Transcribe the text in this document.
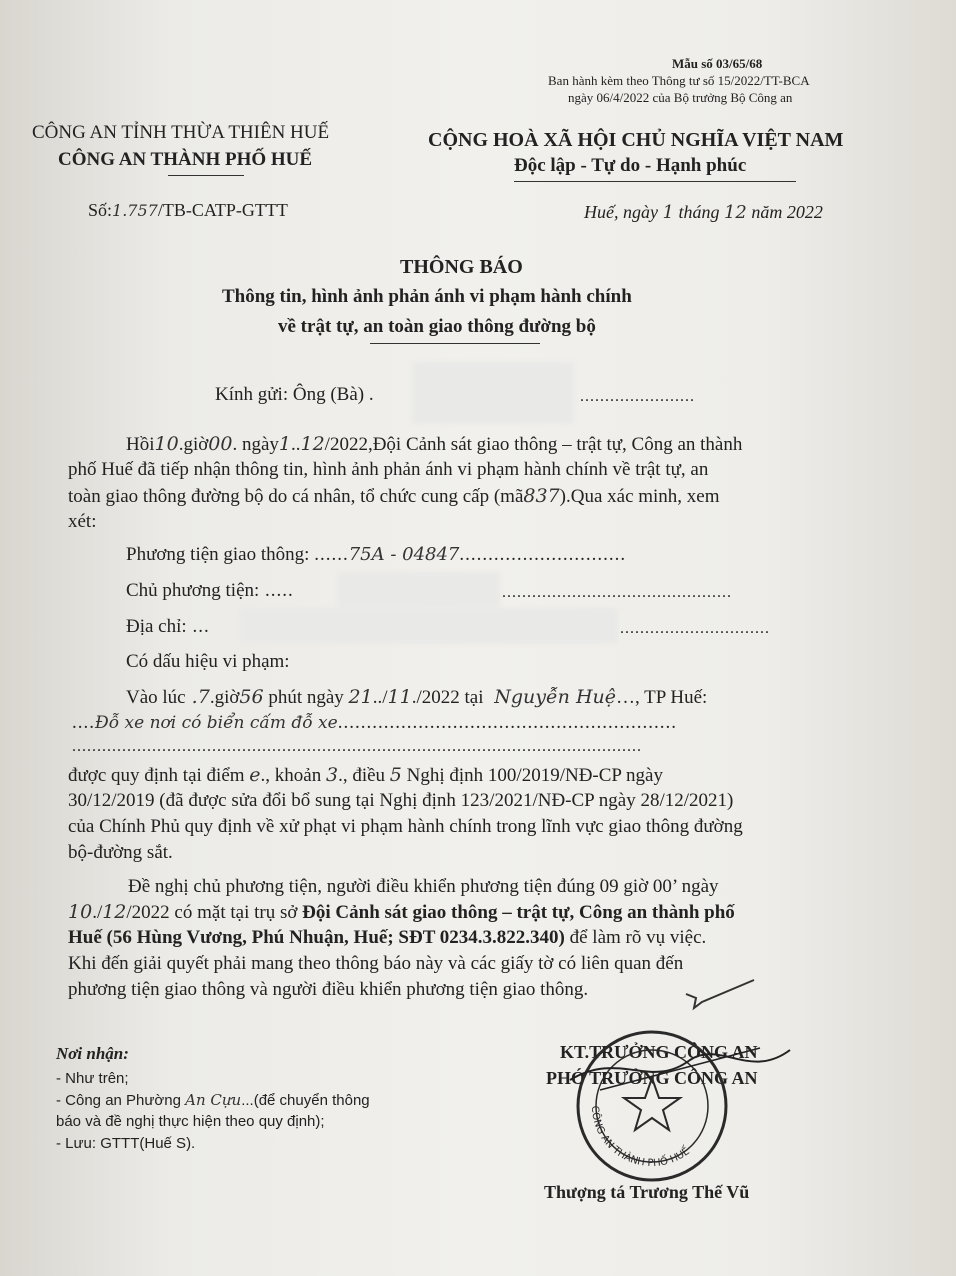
Mẫu số 03/65/68
Ban hành kèm theo Thông tư số 15/2022/TT-BCA
ngày 06/4/2022 của Bộ trưởng Bộ Công an
CÔNG AN TỈNH THỪA THIÊN HUẾ
CÔNG AN THÀNH PHỐ HUẾ
CỘNG HOÀ XÃ HỘI CHỦ NGHĨA VIỆT NAM
Độc lập - Tự do - Hạnh phúc
Số:1.757/TB-CATP-GTTT	Huế, ngày 1 tháng 12 năm 2022
THÔNG BÁO
Thông tin, hình ảnh phản ánh vi phạm hành chính
về trật tự, an toàn giao thông đường bộ
Kính gửi: Ông (Bà) .	.......................
Hồi10.giờ00. ngày1..12/2022,Đội Cảnh sát giao thông – trật tự, Công an thành
phố Huế đã tiếp nhận thông tin, hình ảnh phản ánh vi phạm hành chính về trật tự, an
toàn giao thông đường bộ do cá nhân, tổ chức cung cấp (mã837).Qua xác minh, xem
xét:
Phương tiện giao thông: ......75A - 04847.............................
Chủ phương tiện: .....	..............................................
Địa chỉ: ...	..............................
Có dấu hiệu vi phạm:
Vào lúc .7.giờ56 phút ngày 21../11./2022 tại Nguyễn Huệ…, TP Huế:
....Đỗ xe nơi có biển cấm đỗ xe...........................................................
..................................................................................................................
được quy định tại điểm e., khoản 3., điều 5 Nghị định 100/2019/NĐ-CP ngày
30/12/2019 (đã được sửa đổi bổ sung tại Nghị định 123/2021/NĐ-CP ngày 28/12/2021)
của Chính Phủ quy định về xử phạt vi phạm hành chính trong lĩnh vực giao thông đường
bộ-đường sắt.
Đề nghị chủ phương tiện, người điều khiển phương tiện đúng 09 giờ 00’ ngày
10./12/2022 có mặt tại trụ sở Đội Cảnh sát giao thông – trật tự, Công an thành phố
Huế (56 Hùng Vương, Phú Nhuận, Huế; SĐT 0234.3.822.340) để làm rõ vụ việc.
Khi đến giải quyết phải mang theo thông báo này và các giấy tờ có liên quan đến
phương tiện giao thông và người điều khiển phương tiện giao thông.
Nơi nhận:
- Như trên;
- Công an Phường An Cựu...(để chuyển thông
báo và đề nghị thực hiện theo quy định);
- Lưu: GTTT(Huế S).
KT.TRƯỞNG CÔNG AN
PHÓ TRƯỞNG CÔNG AN
CÔNG AN THÀNH PHỐ HUẾ
Thượng tá Trương Thế Vũ
